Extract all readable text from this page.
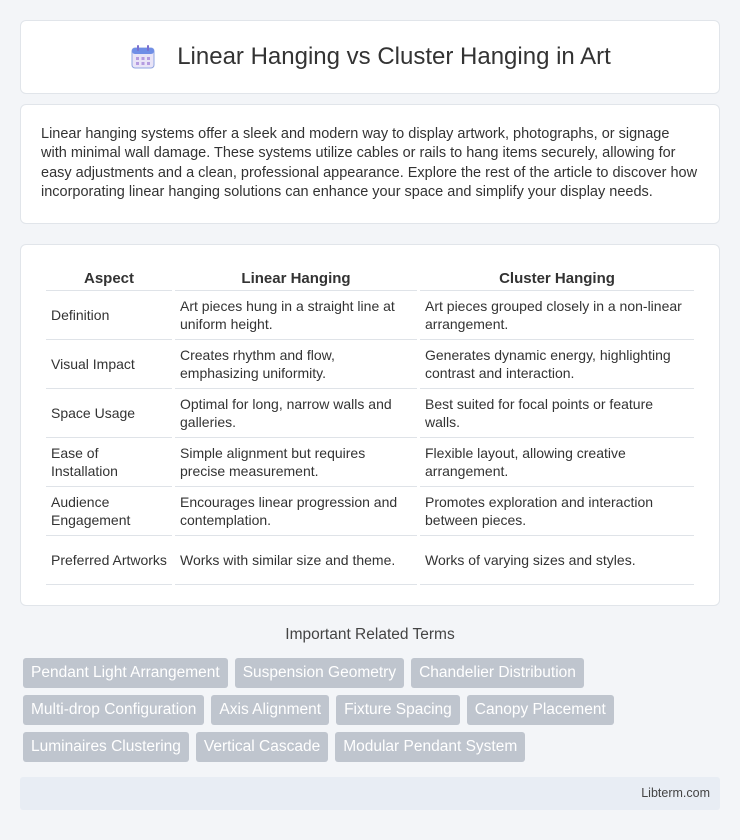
Linear Hanging vs Cluster Hanging in Art

Linear hanging systems offer a sleek and modern way to display artwork, photographs, or signage with minimal wall damage. These systems utilize cables or rails to hang items securely, allowing for easy adjustments and a clean, professional appearance. Explore the rest of the article to discover how incorporating linear hanging solutions can enhance your space and simplify your display needs.

Aspect	Linear Hanging	Cluster Hanging
Definition	Art pieces hung in a straight line at uniform height.	Art pieces grouped closely in a non-linear arrangement.
Visual Impact	Creates rhythm and flow, emphasizing uniformity.	Generates dynamic energy, highlighting contrast and interaction.
Space Usage	Optimal for long, narrow walls and galleries.	Best suited for focal points or feature walls.
Ease of Installation	Simple alignment but requires precise measurement.	Flexible layout, allowing creative arrangement.
Audience Engagement	Encourages linear progression and contemplation.	Promotes exploration and interaction between pieces.
Preferred Artworks	Works with similar size and theme.	Works of varying sizes and styles.
Important Related Terms
Pendant Light Arrangement	Suspension Geometry	Chandelier Distribution
Multi-drop Configuration	Axis Alignment	Fixture Spacing	Canopy Placement
Luminaires Clustering	Vertical Cascade	Modular Pendant System
Libterm.com
